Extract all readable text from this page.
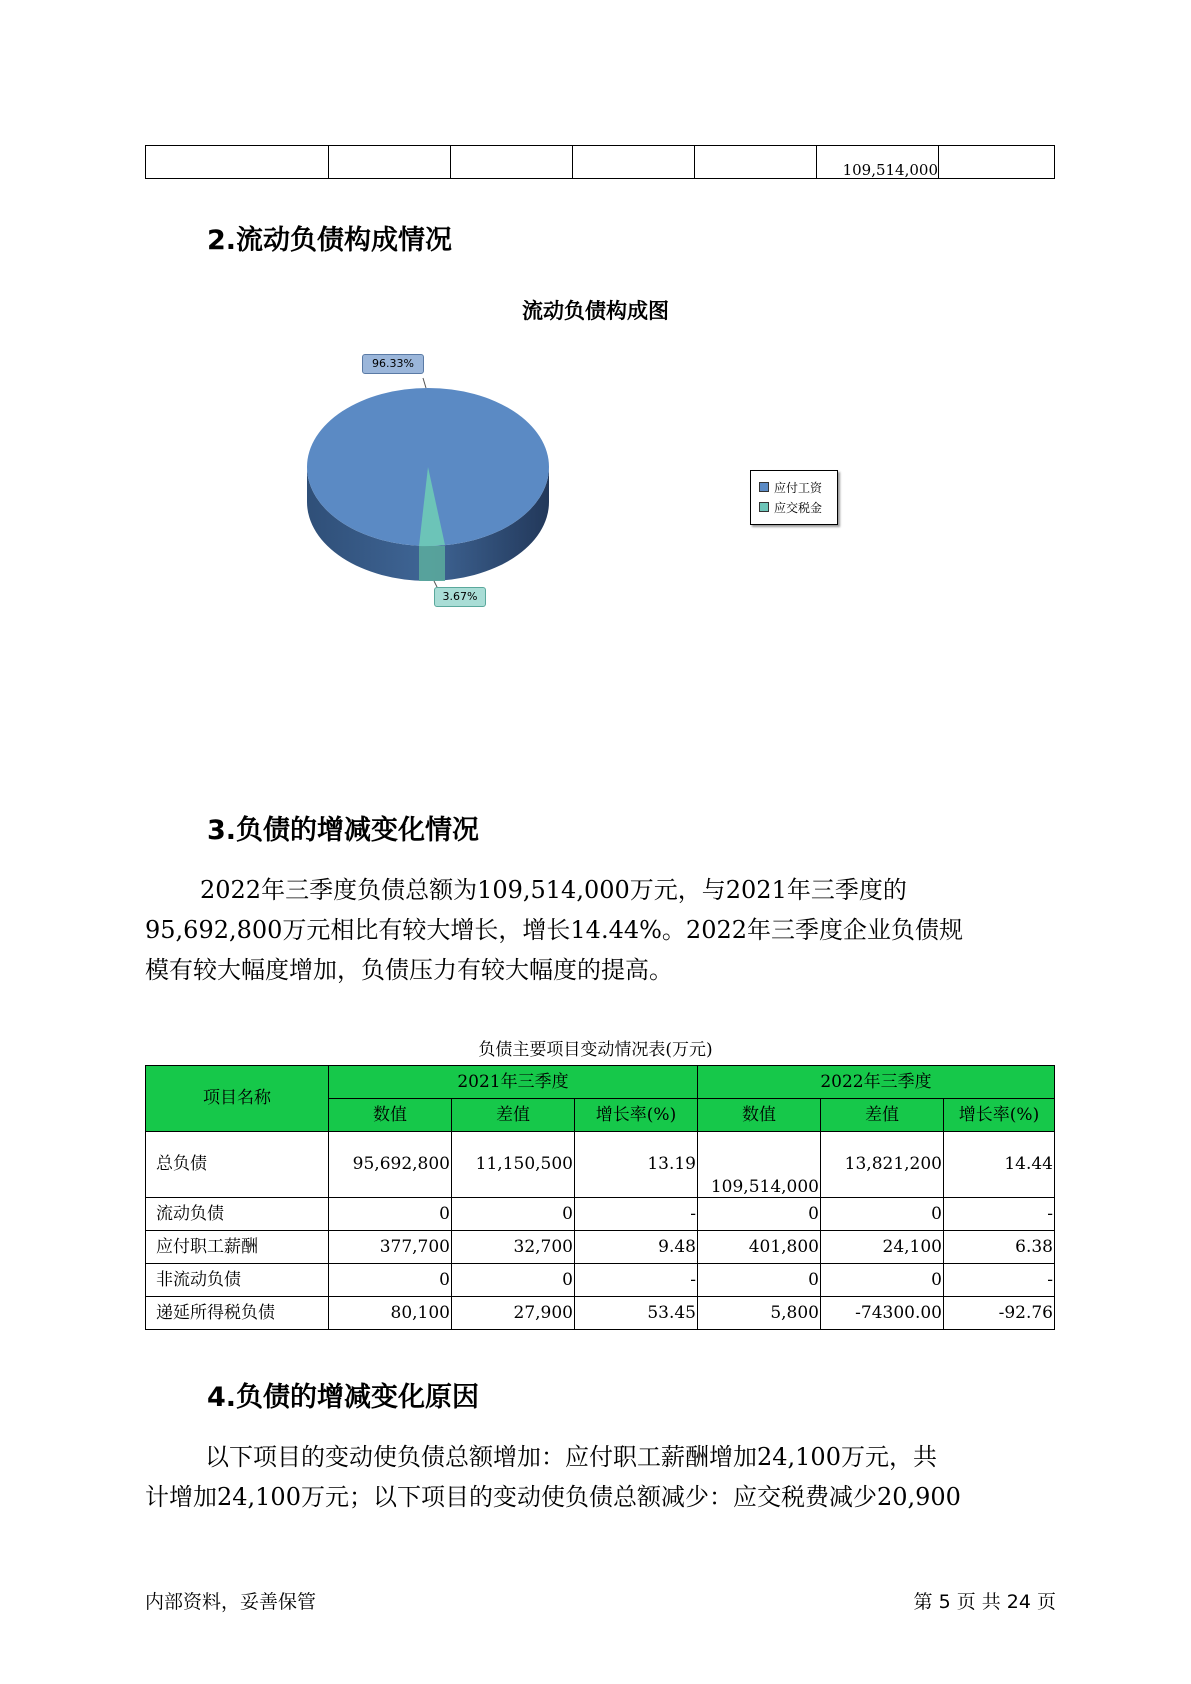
					109,514,000	
2.流动负债构成情况
流动负债构成图
96.33%
3.67%
应付工资
应交税金
3.负债的增减变化情况

2022年三季度负债总额为109,514,000万元，与2021年三季度的

95,692,800万元相比有较大增长，增长14.44%。2022年三季度企业负债规

模有较大幅度增加，负债压力有较大幅度的提高。

负债主要项目变动情况表(万元)
项目名称	2021年三季度			2022年三季度		
	数值	差值	增长率(%)	数值	差值	增长率(%)
总负债	95,692,800	11,150,500	13.19	109,514,000	13,821,200	14.44
流动负债	0	0	-	0	0	-
应付职工薪酬	377,700	32,700	9.48	401,800	24,100	6.38
非流动负债	0	0	-	0	0	-
递延所得税负债	80,100	27,900	53.45	5,800	-74300.00	-92.76
4.负债的增减变化原因

以下项目的变动使负债总额增加：应付职工薪酬增加24,100万元，共

计增加24,100万元；以下项目的变动使负债总额减少：应交税费减少20,900

内部资料，妥善保管	第 5 页 共 24 页
